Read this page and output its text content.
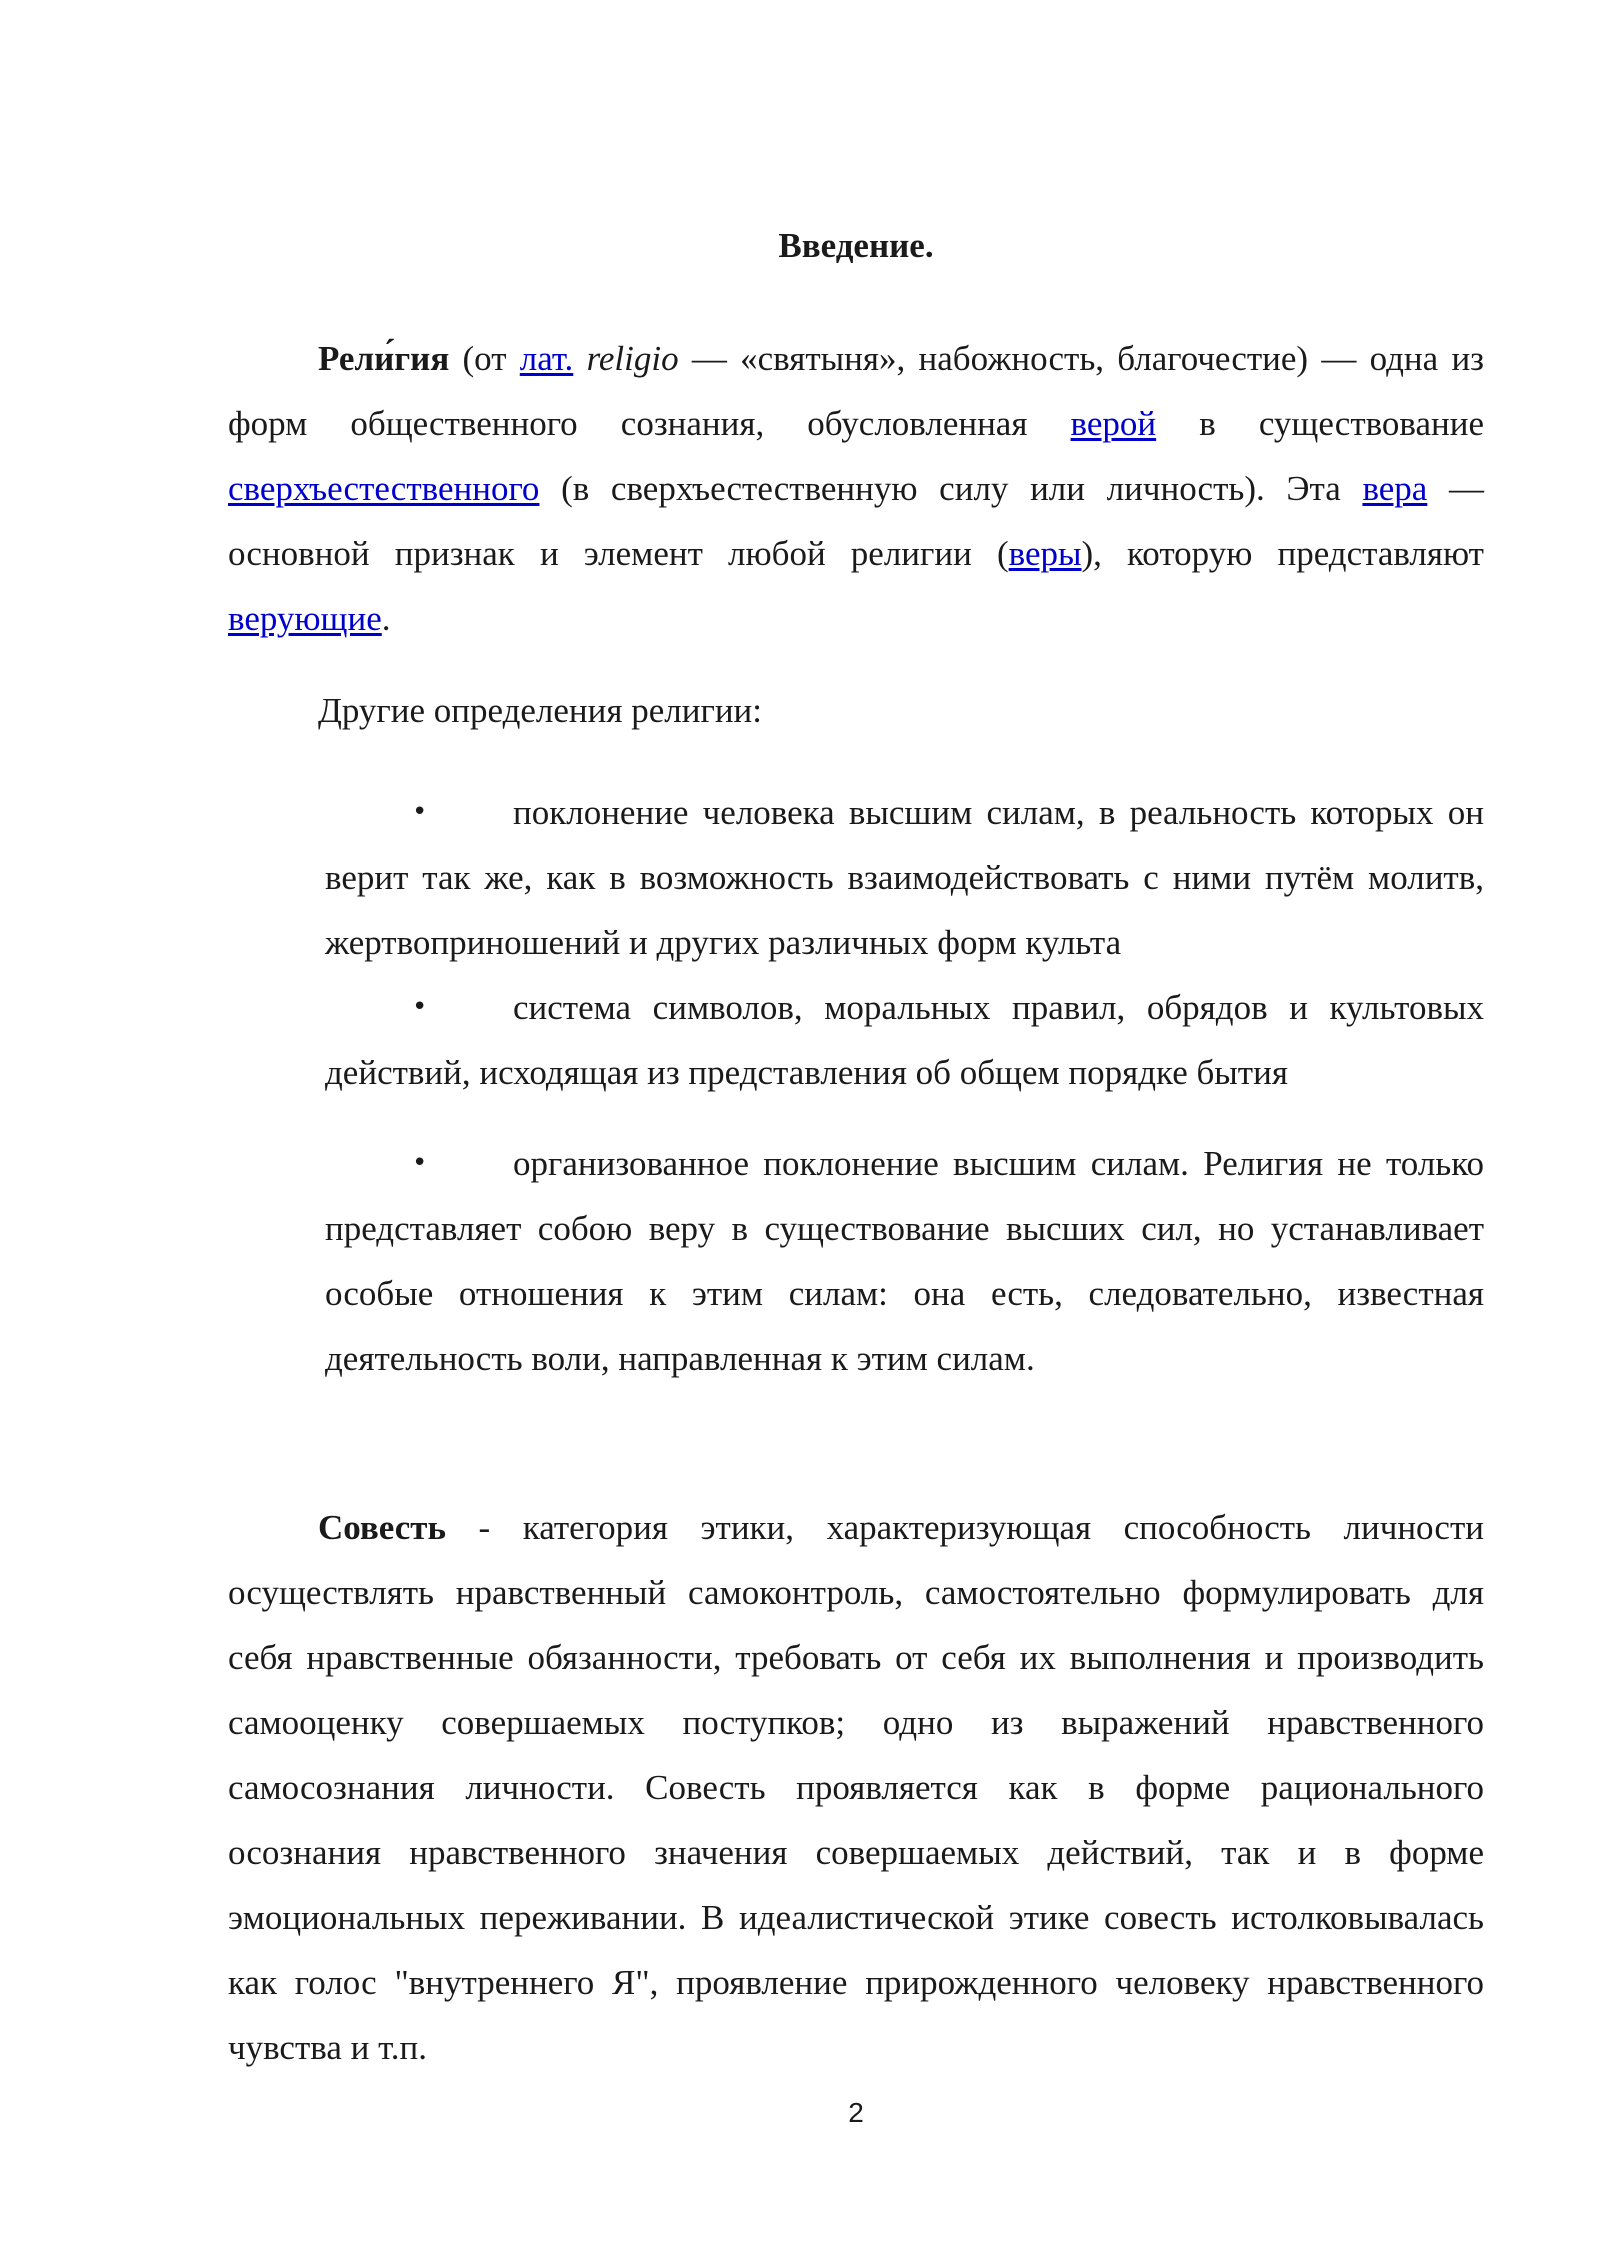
Введение.

Рели́гия (от лат. religio — «святыня», набожность, благочестие) — одна из форм общественного сознания, обусловленная верой в существование сверхъестественного (в сверхъестественную силу или личность). Эта вера — основной признак и элемент любой религии (веры), которую представляют верующие.

Другие определения религии:

•	поклонение человека высшим силам, в реальность которых он верит так же, как в возможность взаимодействовать с ними путём молитв, жертвоприношений и других различных форм культа

•	система символов, моральных правил, обрядов и культовых действий, исходящая из представления об общем порядке бытия

•	организованное поклонение высшим силам. Религия не только представляет собою веру в существование высших сил, но устанавливает особые отношения к этим силам: она есть, следовательно, известная деятельность воли, направленная к этим силам.

Совесть - категория этики, характеризующая способность личности осуществлять нравственный самоконтроль, самостоятельно формулировать для себя нравственные обязанности, требовать от себя их выполнения и производить самооценку совершаемых поступков; одно из выражений нравственного самосознания личности. Совесть проявляется как в форме рационального осознания нравственного значения совершаемых действий, так и в форме эмоциональных переживании. В идеалистической этике совесть истолковывалась как голос "внутреннего Я", проявление прирожденного человеку нравственного чувства и т.п.

2
